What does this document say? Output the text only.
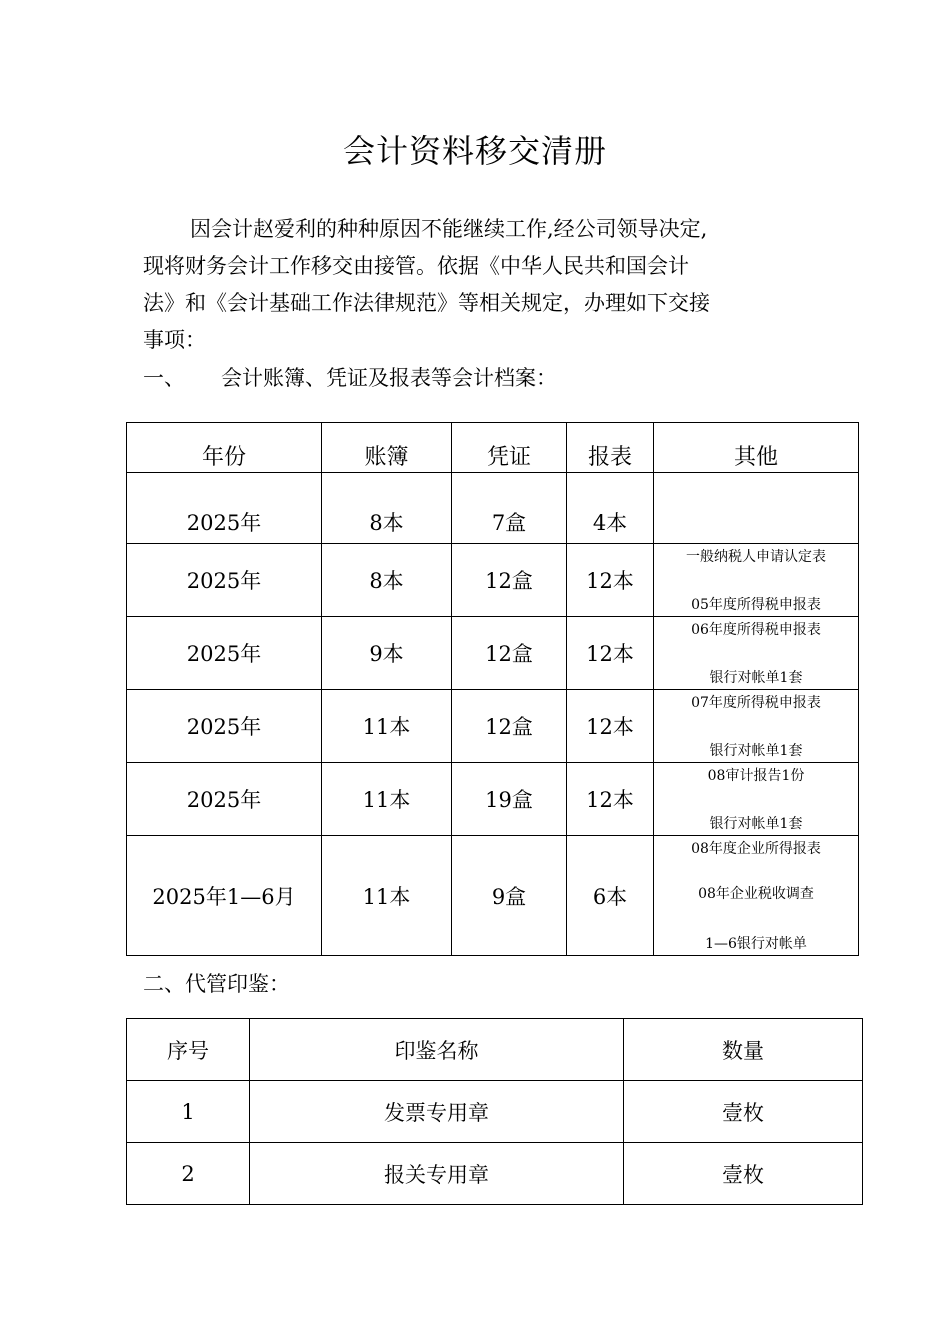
会计资料移交清册
因会计赵爱利的种种原因不能继续工作,经公司领导决定,
现将财务会计工作移交由接管。依据《中华人民共和国会计
法》和《会计基础工作法律规范》等相关规定，办理如下交接
事项：
一、 会计账簿、凭证及报表等会计档案：
年份	账簿	凭证	报表	其他
2025年	8本	7盒	4本	
2025年	8本	12盒	12本	一般纳税人申请认定表
05年度所得税申报表

2025年	9本	12盒	12本	06年度所得税申报表
银行对帐单1套

2025年	11本	12盒	12本	07年度所得税申报表
银行对帐单1套

2025年	11本	19盒	12本	08审计报告1份
银行对帐单1套

2025年1—6月	11本	9盒	6本	08年度企业所得报表
08年企业税收调查
1—6银行对帐单
二、代管印鉴：
序号	印鉴名称	数量
1	发票专用章	壹枚
2	报关专用章	壹枚
